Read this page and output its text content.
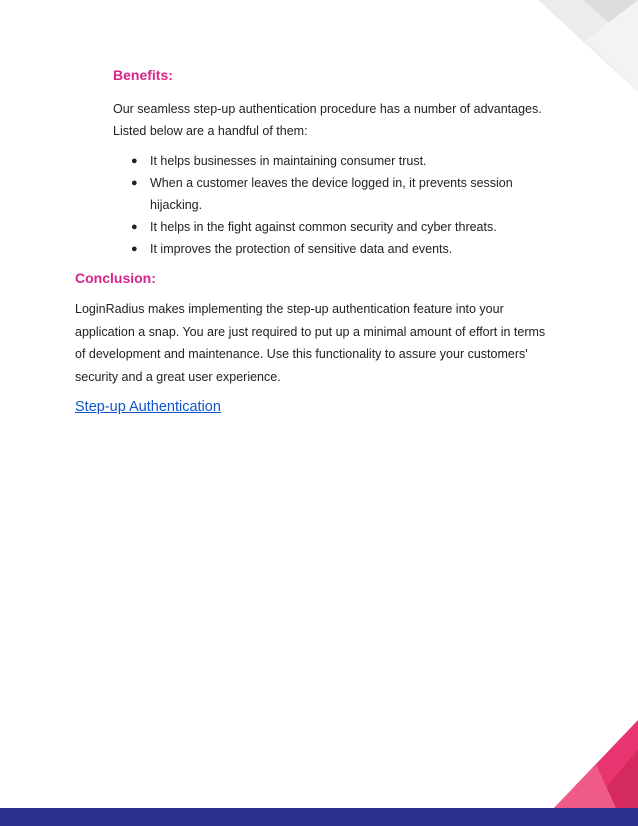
Benefits:

Our seamless step-up authentication procedure has a number of advantages. Listed below are a handful of them:

● It helps businesses in maintaining consumer trust.
● When a customer leaves the device logged in, it prevents session hijacking.
● It helps in the fight against common security and cyber threats.
● It improves the protection of sensitive data and events.
Conclusion:

LoginRadius makes implementing the step-up authentication feature into your application a snap. You are just required to put up a minimal amount of effort in terms of development and maintenance. Use this functionality to assure your customers' security and a great user experience.

Step-up Authentication
